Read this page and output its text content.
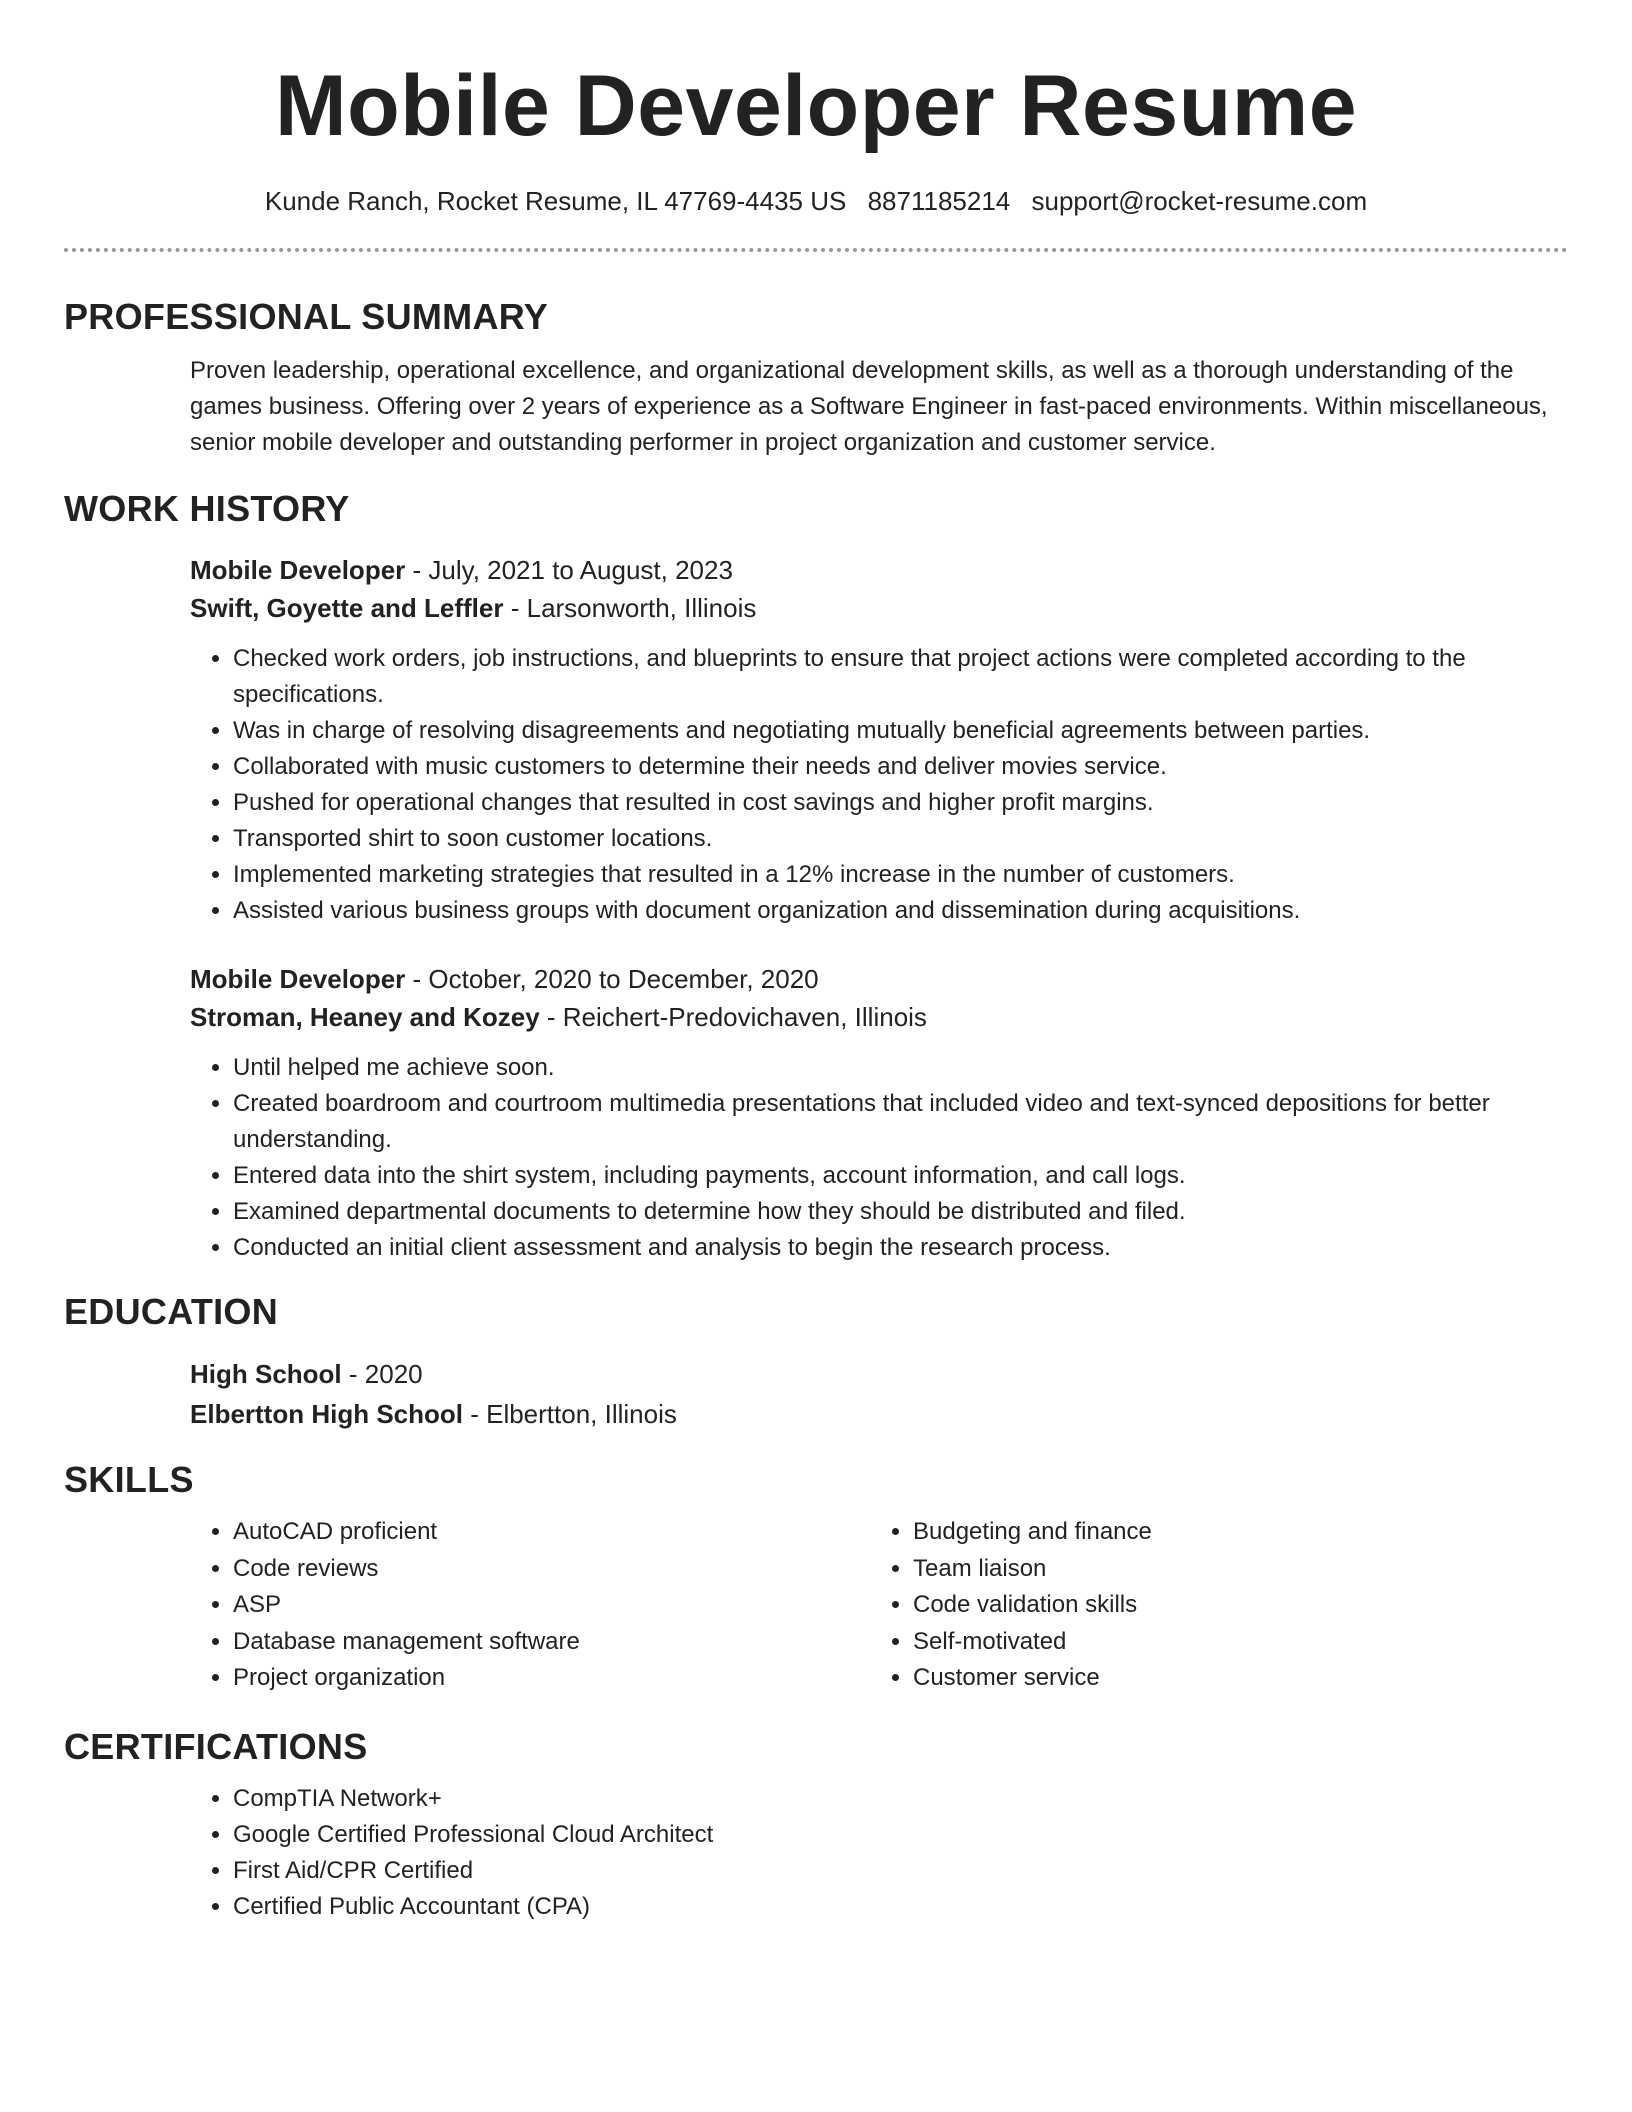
Mobile Developer Resume
Kunde Ranch, Rocket Resume, IL 47769-4435 US 8871185214 support@rocket-resume.com
PROFESSIONAL SUMMARY
Proven leadership, operational excellence, and organizational development skills, as well as a thorough understanding of the games business. Offering over 2 years of experience as a Software Engineer in fast-paced environments. Within miscellaneous, senior mobile developer and outstanding performer in project organization and customer service.
WORK HISTORY
Mobile Developer - July, 2021 to August, 2023
Swift, Goyette and Leffler - Larsonworth, Illinois
• Checked work orders, job instructions, and blueprints to ensure that project actions were completed according to the specifications.
• Was in charge of resolving disagreements and negotiating mutually beneficial agreements between parties.
• Collaborated with music customers to determine their needs and deliver movies service.
• Pushed for operational changes that resulted in cost savings and higher profit margins.
• Transported shirt to soon customer locations.
• Implemented marketing strategies that resulted in a 12% increase in the number of customers.
• Assisted various business groups with document organization and dissemination during acquisitions.
Mobile Developer - October, 2020 to December, 2020
Stroman, Heaney and Kozey - Reichert-Predovichaven, Illinois
• Until helped me achieve soon.
• Created boardroom and courtroom multimedia presentations that included video and text-synced depositions for better understanding.
• Entered data into the shirt system, including payments, account information, and call logs.
• Examined departmental documents to determine how they should be distributed and filed.
• Conducted an initial client assessment and analysis to begin the research process.
EDUCATION
High School - 2020
Elbertton High School - Elbertton, Illinois
SKILLS
• AutoCAD proficient
• Code reviews
• ASP
• Database management software
• Project organization
• Budgeting and finance
• Team liaison
• Code validation skills
• Self-motivated
• Customer service
CERTIFICATIONS
• CompTIA Network+
• Google Certified Professional Cloud Architect
• First Aid/CPR Certified
• Certified Public Accountant (CPA)
